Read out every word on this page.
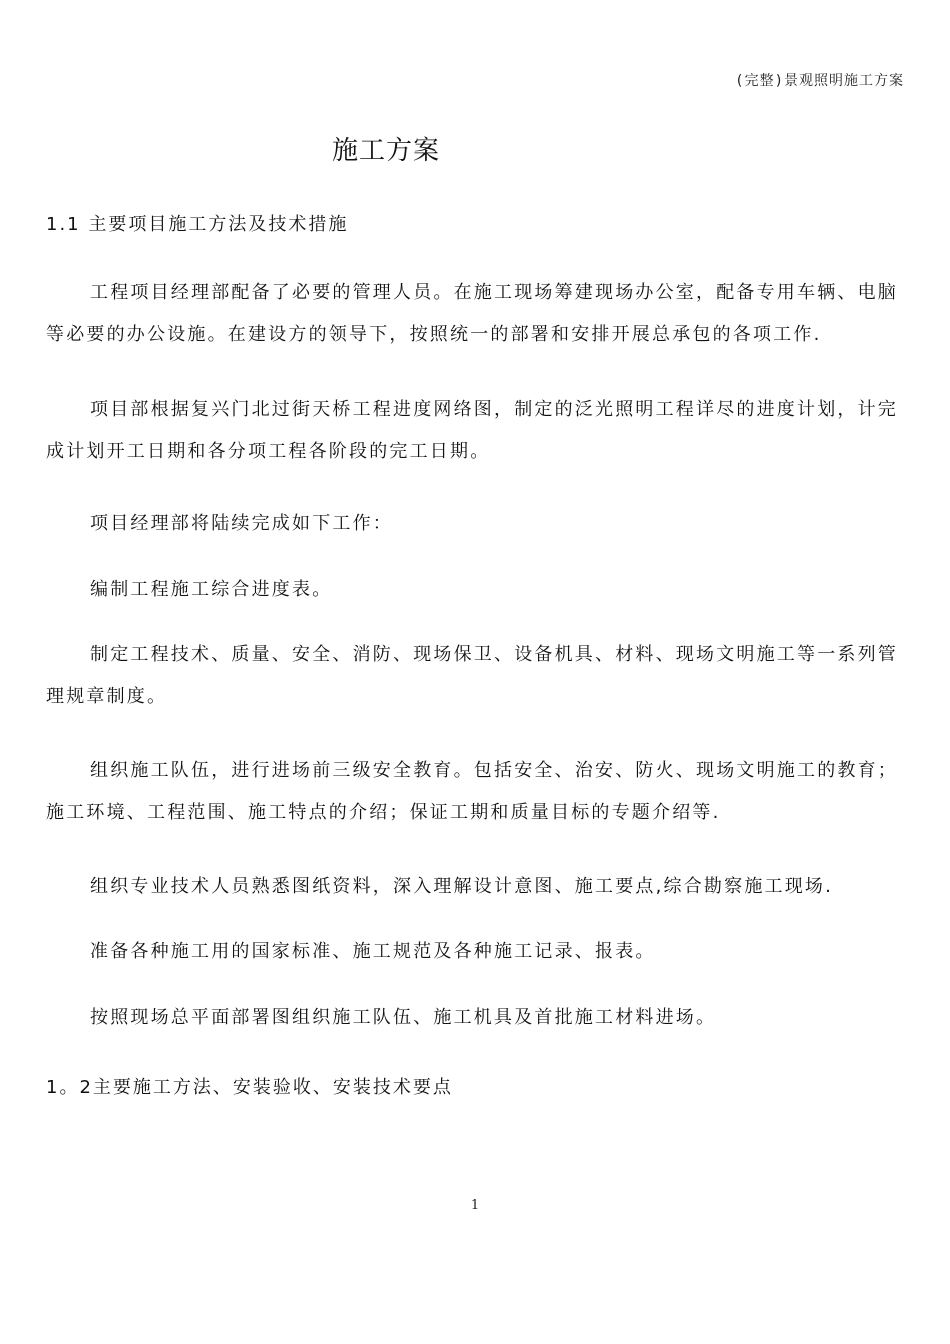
(完整)景观照明施工方案
施工方案
1.1 主要项目施工方法及技术措施

工程项目经理部配备了必要的管理人员。在施工现场筹建现场办公室，配备专用车辆、电脑等必要的办公设施。在建设方的领导下，按照统一的部署和安排开展总承包的各项工作.

项目部根据复兴门北过街天桥工程进度网络图，制定的泛光照明工程详尽的进度计划，计完成计划开工日期和各分项工程各阶段的完工日期。

项目经理部将陆续完成如下工作：

编制工程施工综合进度表。

制定工程技术、质量、安全、消防、现场保卫、设备机具、材料、现场文明施工等一系列管理规章制度。

组织施工队伍，进行进场前三级安全教育。包括安全、治安、防火、现场文明施工的教育；施工环境、工程范围、施工特点的介绍；保证工期和质量目标的专题介绍等.

组织专业技术人员熟悉图纸资料，深入理解设计意图、施工要点,综合勘察施工现场.

准备各种施工用的国家标准、施工规范及各种施工记录、报表。

按照现场总平面部署图组织施工队伍、施工机具及首批施工材料进场。

1。2主要施工方法、安装验收、安装技术要点
1
